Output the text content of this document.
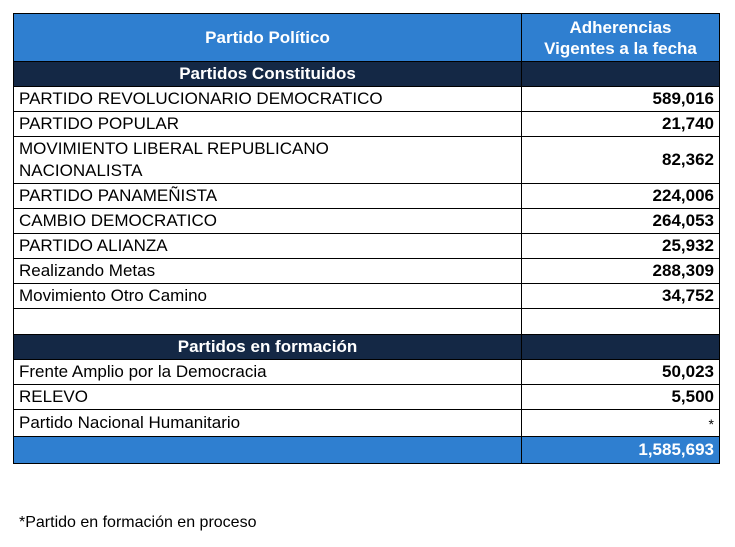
Partido Político	Adherencias
Vigentes a la fecha
Partidos Constituidos	
PARTIDO REVOLUCIONARIO DEMOCRATICO	589,016
PARTIDO POPULAR	21,740
MOVIMIENTO LIBERAL REPUBLICANO
NACIONALISTA	82,362
PARTIDO PANAMEÑISTA	224,006
CAMBIO DEMOCRATICO	264,053
PARTIDO ALIANZA	25,932
Realizando Metas	288,309
Movimiento Otro Camino	34,752

Partidos en formación	
Frente Amplio por la Democracia	50,023
RELEVO	5,500
Partido Nacional Humanitario	*
	1,585,693
*Partido en formación en proceso
